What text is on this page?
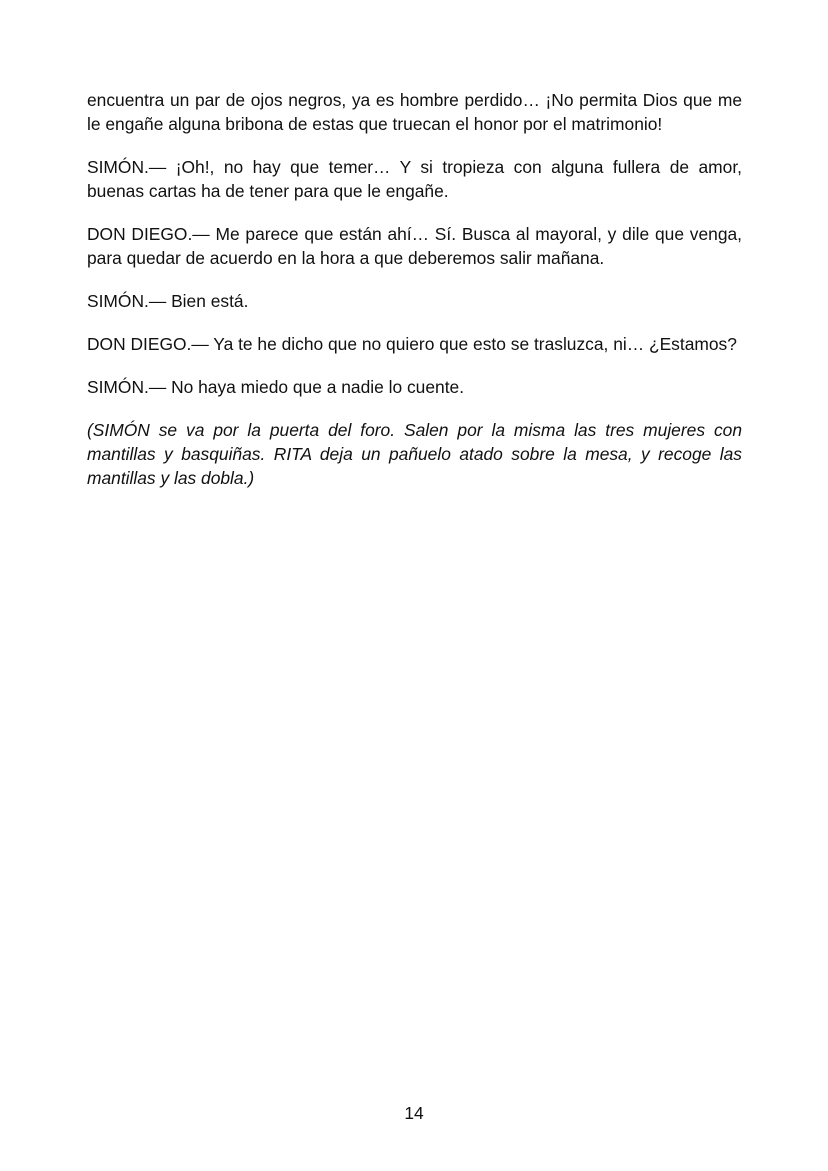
encuentra un par de ojos negros, ya es hombre perdido… ¡No permita Dios que me le engañe alguna bribona de estas que truecan el honor por el matrimonio!

SIMÓN.— ¡Oh!, no hay que temer… Y si tropieza con alguna fullera de amor, buenas cartas ha de tener para que le engañe.

DON DIEGO.— Me parece que están ahí… Sí. Busca al mayoral, y dile que venga, para quedar de acuerdo en la hora a que deberemos salir mañana.

SIMÓN.— Bien está.

DON DIEGO.— Ya te he dicho que no quiero que esto se trasluzca, ni… ¿Estamos?

SIMÓN.— No haya miedo que a nadie lo cuente.

(SIMÓN se va por la puerta del foro. Salen por la misma las tres mujeres con mantillas y basquiñas. RITA deja un pañuelo atado sobre la mesa, y recoge las mantillas y las dobla.)

14
